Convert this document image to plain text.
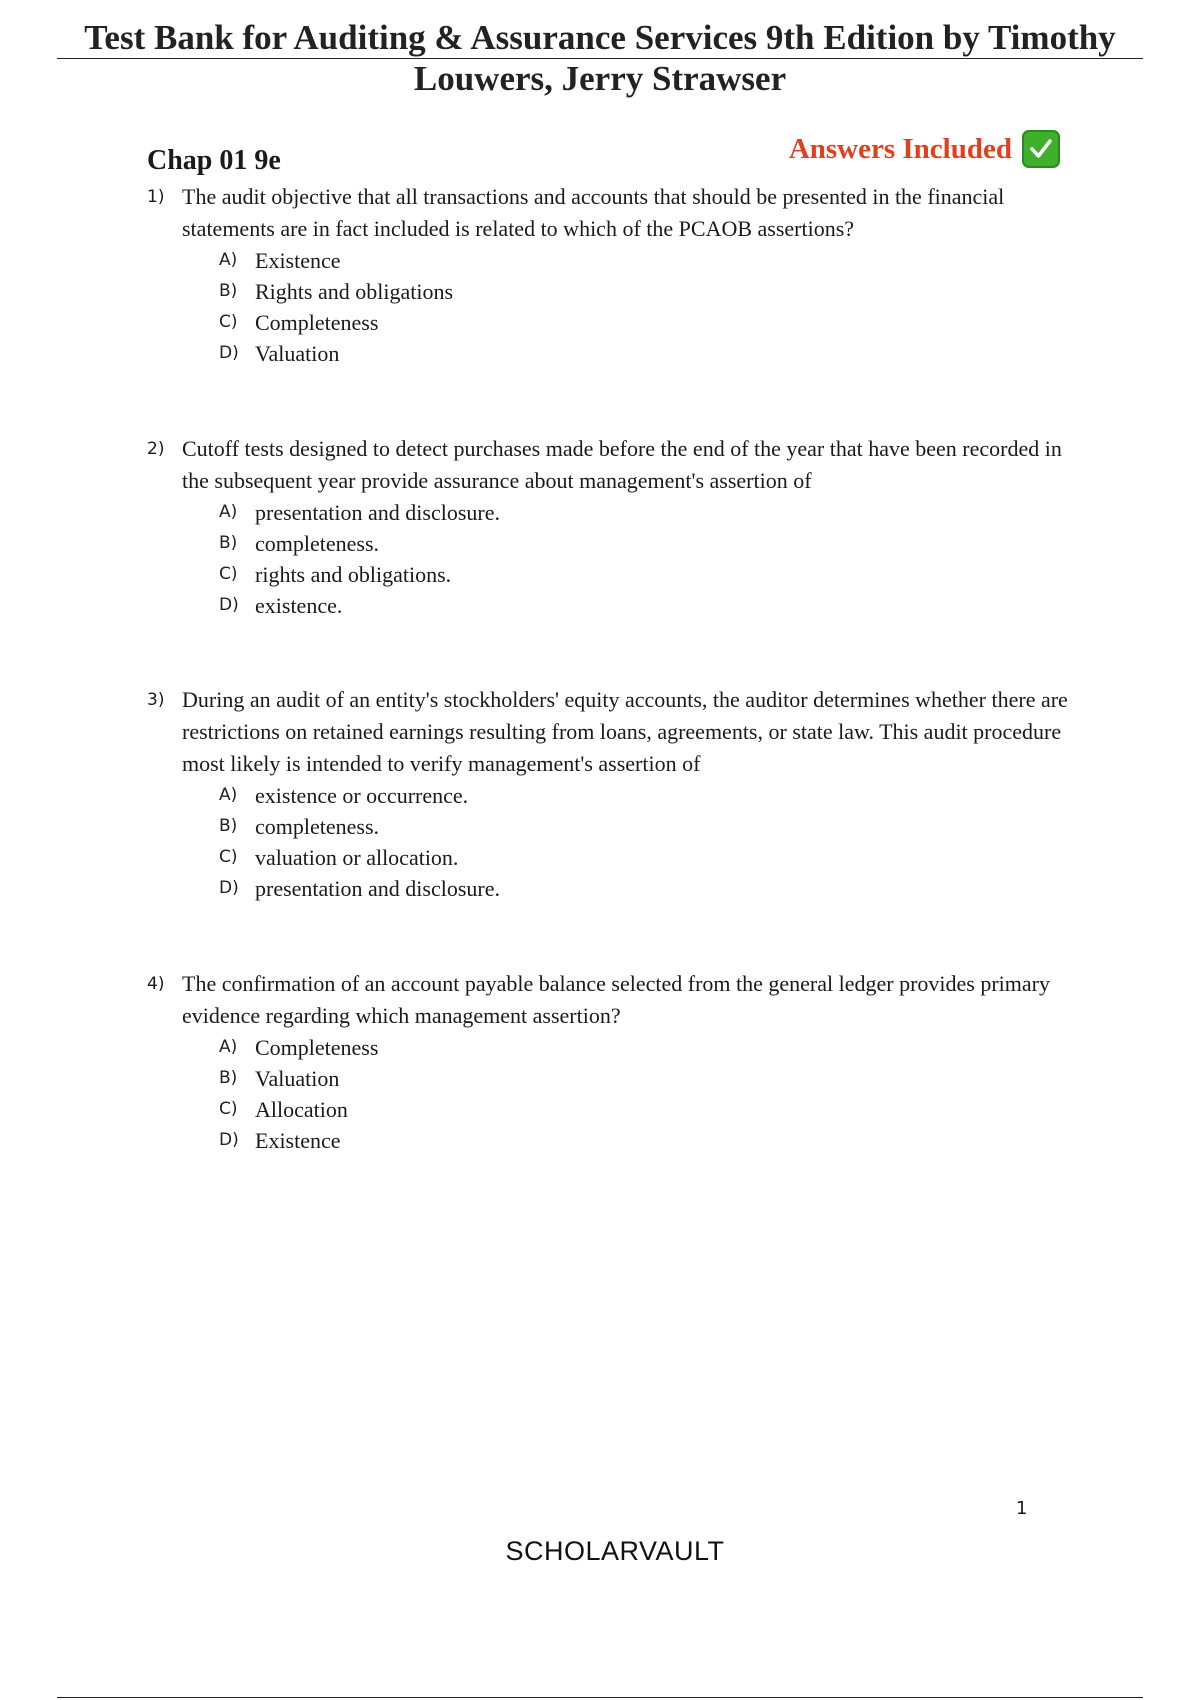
Test Bank for Auditing & Assurance Services 9th Edition by Timothy
Louwers, Jerry Strawser
Chap 01 9e	Answers Included
1) The audit objective that all transactions and accounts that should be presented in the financial statements are in fact included is related to which of the PCAOB assertions?
A) Existence
B) Rights and obligations
C) Completeness
D) Valuation
2) Cutoff tests designed to detect purchases made before the end of the year that have been recorded in the subsequent year provide assurance about management's assertion of
A) presentation and disclosure.
B) completeness.
C) rights and obligations.
D) existence.
3) During an audit of an entity's stockholders' equity accounts, the auditor determines whether there are restrictions on retained earnings resulting from loans, agreements, or state law. This audit procedure most likely is intended to verify management's assertion of
A) existence or occurrence.
B) completeness.
C) valuation or allocation.
D) presentation and disclosure.
4) The confirmation of an account payable balance selected from the general ledger provides primary evidence regarding which management assertion?
A) Completeness
B) Valuation
C) Allocation
D) Existence
1
SCHOLARVAULT
